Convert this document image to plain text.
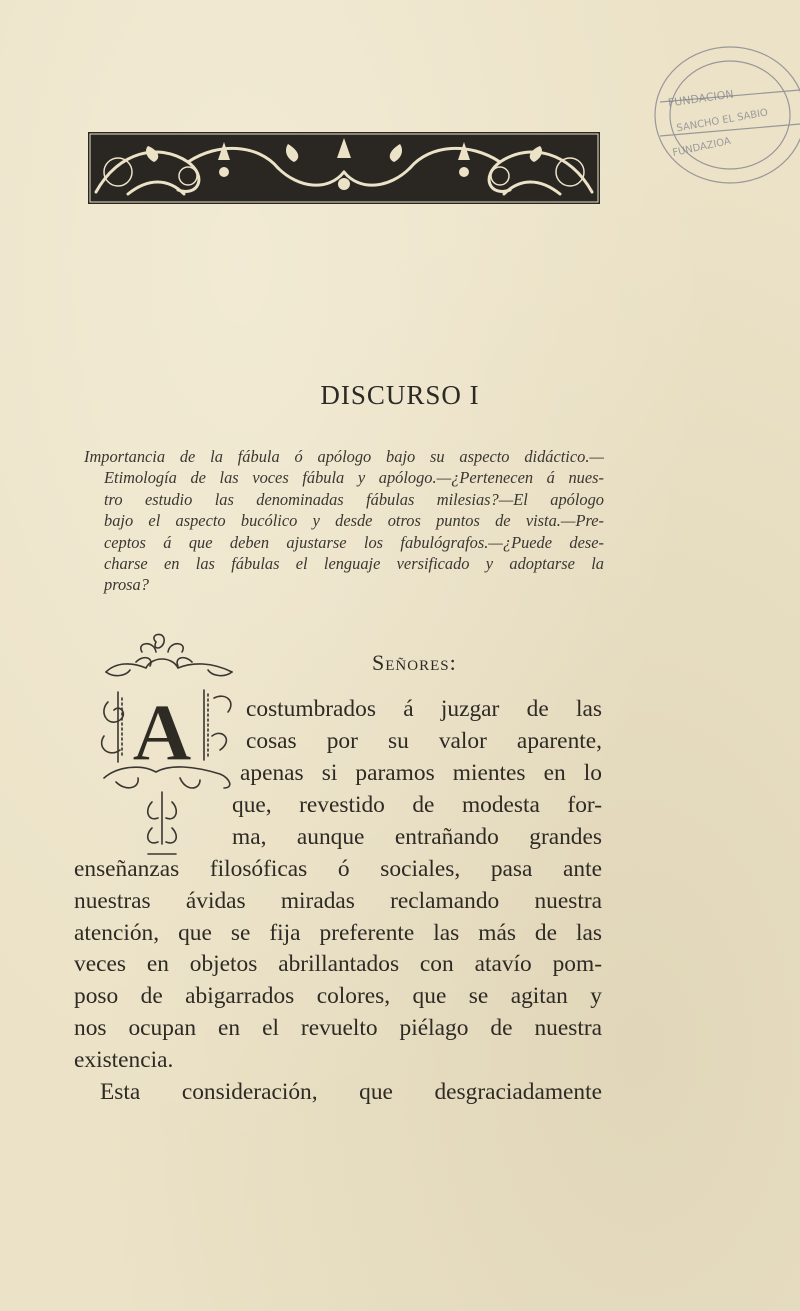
FUNDACION
SANCHO EL SABIO
FUNDAZIOA
DISCURSO I
Importancia de la fábula ó apólogo bajo su aspecto didáctico.—
Etimología de las voces fábula y apólogo.—¿Pertenecen á nues-
tro estudio las denominadas fábulas milesias?—El apólogo
bajo el aspecto bucólico y desde otros puntos de vista.—Pre-
ceptos á que deben ajustarse los fabulógrafos.—¿Puede dese-
charse en las fábulas el lenguaje versificado y adoptarse la
prosa?
Señores:
A costumbrados á juzgar de las
cosas por su valor aparente,
apenas si paramos mientes en lo
que, revestido de modesta for-
ma, aunque entrañando grandes
enseñanzas filosóficas ó sociales, pasa ante
nuestras ávidas miradas reclamando nuestra
atención, que se fija preferente las más de las
veces en objetos abrillantados con atavío pom-
poso de abigarrados colores, que se agitan y
nos ocupan en el revuelto piélago de nuestra
existencia.
Esta consideración, que desgraciadamente
